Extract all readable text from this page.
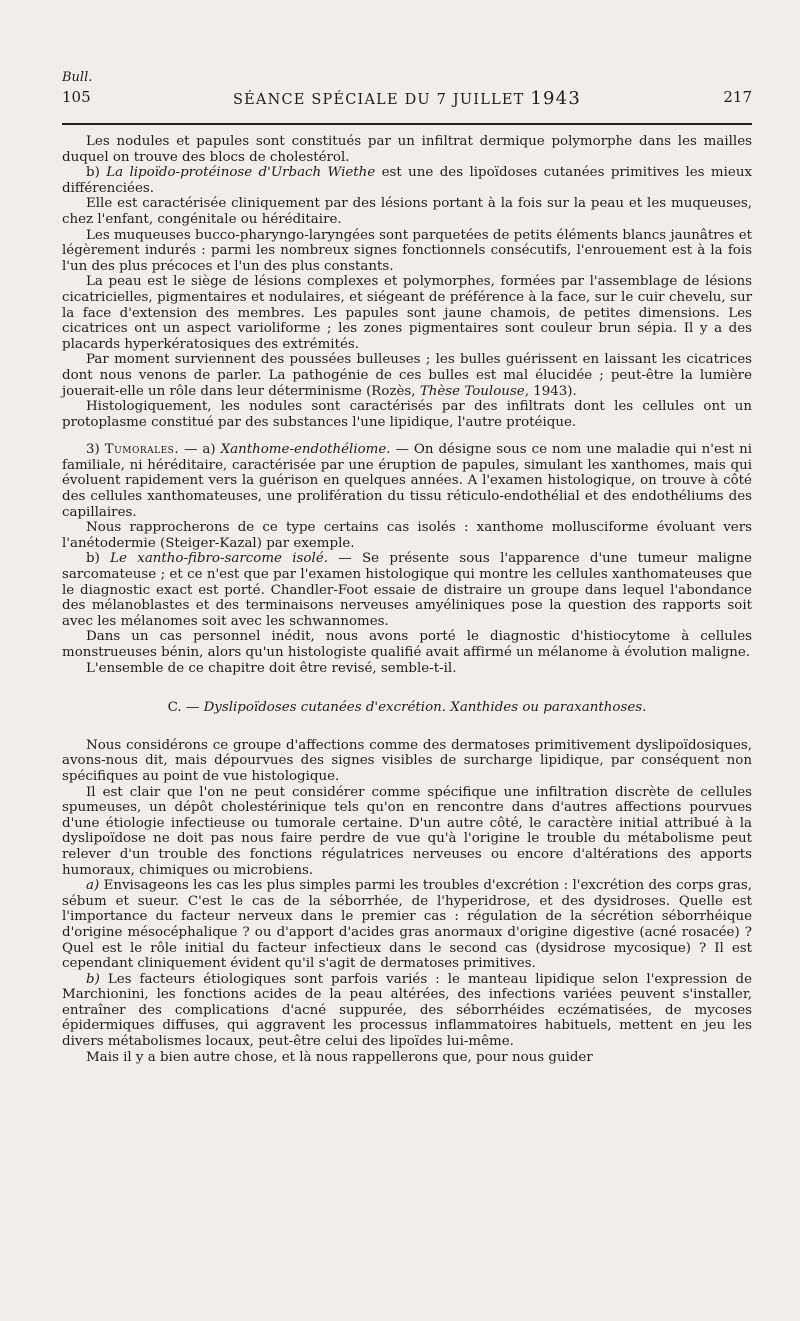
Bull.
105	SÉANCE SPÉCIALE DU 7 JUILLET 1943	217

Les nodules et papules sont constitués par un infiltrat dermique polymorphe dans les mailles duquel on trouve des blocs de cholestérol.

b) La lipoïdo-protéinose d'Urbach Wiethe est une des lipoïdoses cutanées primitives les mieux différenciées.

Elle est caractérisée cliniquement par des lésions portant à la fois sur la peau et les muqueuses, chez l'enfant, congénitale ou héréditaire.

Les muqueuses bucco-pharyngo-laryngées sont parquetées de petits éléments blancs jaunâtres et légèrement indurés : parmi les nombreux signes fonctionnels consécutifs, l'enrouement est à la fois l'un des plus précoces et l'un des plus constants.

La peau est le siège de lésions complexes et polymorphes, formées par l'assemblage de lésions cicatricielles, pigmentaires et nodulaires, et siégeant de préférence à la face, sur le cuir chevelu, sur la face d'extension des membres. Les papules sont jaune chamois, de petites dimensions. Les cicatrices ont un aspect varioliforme ; les zones pigmentaires sont couleur brun sépia. Il y a des placards hyperkératosiques des extrémités.

Par moment surviennent des poussées bulleuses ; les bulles guérissent en laissant les cicatrices dont nous venons de parler. La pathogénie de ces bulles est mal élucidée ; peut-être la lumière jouerait-elle un rôle dans leur déterminisme (Rozès, Thèse Toulouse, 1943).

Histologiquement, les nodules sont caractérisés par des infiltrats dont les cellules ont un protoplasme constitué par des substances l'une lipidique, l'autre protéique.

3) Tumorales. — a) Xanthome-endothéliome. — On désigne sous ce nom une maladie qui n'est ni familiale, ni héréditaire, caractérisée par une éruption de papules, simulant les xanthomes, mais qui évoluent rapidement vers la guérison en quelques années. A l'examen histologique, on trouve à côté des cellules xanthomateuses, une prolifération du tissu réticulo-endothélial et des endothéliums des capillaires.

Nous rapprocherons de ce type certains cas isolés : xanthome mollusciforme évoluant vers l'anétodermie (Steiger-Kazal) par exemple.

b) Le xantho-fibro-sarcome isolé. — Se présente sous l'apparence d'une tumeur maligne sarcomateuse ; et ce n'est que par l'examen histologique qui montre les cellules xanthomateuses que le diagnostic exact est porté. Chandler-Foot essaie de distraire un groupe dans lequel l'abondance des mélanoblastes et des terminaisons nerveuses amyéliniques pose la question des rapports soit avec les mélanomes soit avec les schwannomes.

Dans un cas personnel inédit, nous avons porté le diagnostic d'histiocytome à cellules monstrueuses bénin, alors qu'un histologiste qualifié avait affirmé un mélanome à évolution maligne.

L'ensemble de ce chapitre doit être revisé, semble-t-il.

C. — Dyslipoïdoses cutanées d'excrétion. Xanthides ou paraxanthoses.

Nous considérons ce groupe d'affections comme des dermatoses primitivement dyslipoïdosiques, avons-nous dit, mais dépourvues des signes visibles de surcharge lipidique, par conséquent non spécifiques au point de vue histologique.

Il est clair que l'on ne peut considérer comme spécifique une infiltration discrète de cellules spumeuses, un dépôt cholestérinique tels qu'on en rencontre dans d'autres affections pourvues d'une étiologie infectieuse ou tumorale certaine. D'un autre côté, le caractère initial attribué à la dyslipoïdose ne doit pas nous faire perdre de vue qu'à l'origine le trouble du métabolisme peut relever d'un trouble des fonctions régulatrices nerveuses ou encore d'altérations des apports humoraux, chimiques ou microbiens.

a) Envisageons les cas les plus simples parmi les troubles d'excrétion : l'excrétion des corps gras, sébum et sueur. C'est le cas de la séborrhée, de l'hyperidrose, et des dysidroses. Quelle est l'importance du facteur nerveux dans le premier cas : régulation de la sécrétion séborrhéique d'origine mésocéphalique ? ou d'apport d'acides gras anormaux d'origine digestive (acné rosacée) ? Quel est le rôle initial du facteur infectieux dans le second cas (dysidrose mycosique) ? Il est cependant cliniquement évident qu'il s'agit de dermatoses primitives.

b) Les facteurs étiologiques sont parfois variés : le manteau lipidique selon l'expression de Marchionini, les fonctions acides de la peau altérées, des infections variées peuvent s'installer, entraîner des complications d'acné suppurée, des séborrhéides eczématisées, de mycoses épidermiques diffuses, qui aggravent les processus inflammatoires habituels, mettent en jeu les divers métabolismes locaux, peut-être celui des lipoïdes lui-même.

Mais il y a bien autre chose, et là nous rappellerons que, pour nous guider
